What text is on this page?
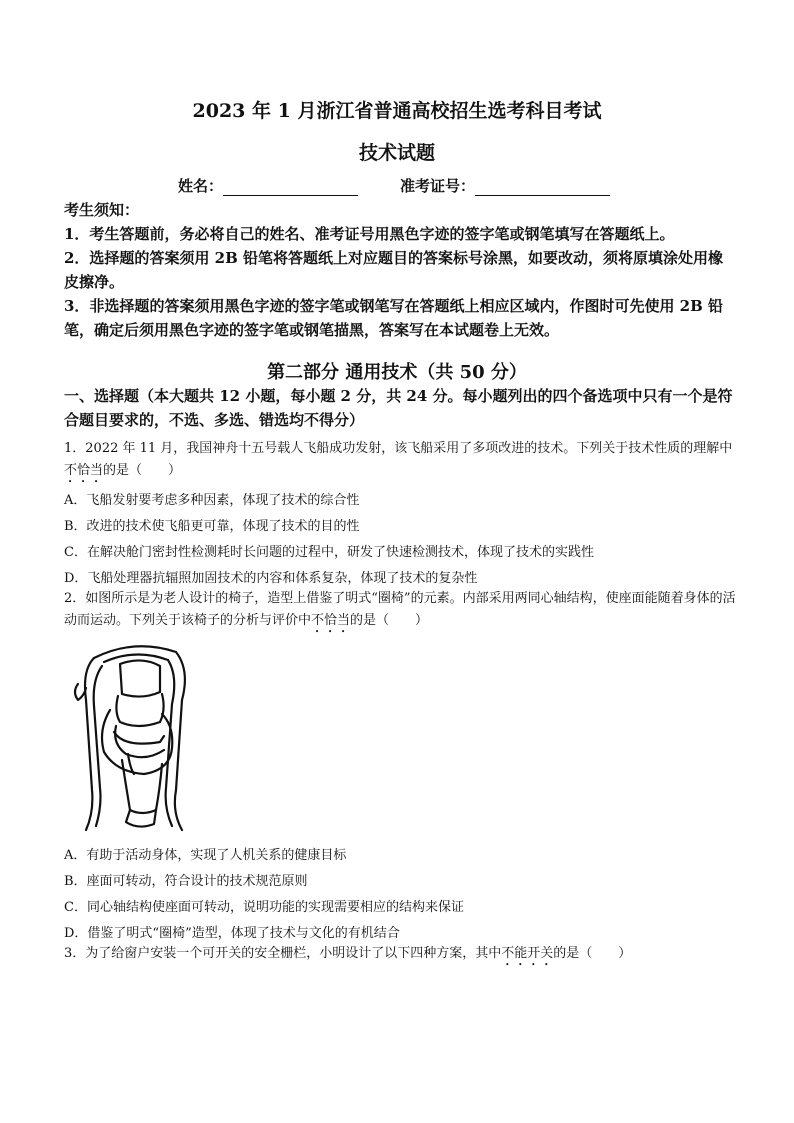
2023 年 1 月浙江省普通高校招生选考科目考试
技术试题
姓名：	准考证号：

考生须知：

1．考生答题前，务必将自己的姓名、准考证号用黑色字迹的签字笔或钢笔填写在答题纸上。

2．选择题的答案须用 2B 铅笔将答题纸上对应题目的答案标号涂黑，如要改动，须将原填涂处用橡皮擦净。

3．非选择题的答案须用黑色字迹的签字笔或钢笔写在答题纸上相应区域内，作图时可先使用 2B 铅笔，确定后须用黑色字迹的签字笔或钢笔描黑，答案写在本试题卷上无效。

第二部分 通用技术（共 50 分）
一、选择题（本大题共 12 小题，每小题 2 分，共 24 分。每小题列出的四个备选项中只有一个是符合题目要求的，不选、多选、错选均不得分）
1．2022 年 11 月，我国神舟十五号载人飞船成功发射，该飞船采用了多项改进的技术。下列关于技术性质的理解中不恰当的是（　　）
A．飞船发射要考虑多种因素，体现了技术的综合性
B．改进的技术使飞船更可靠，体现了技术的目的性
C．在解决舱门密封性检测耗时长问题的过程中，研发了快速检测技术，体现了技术的实践性
D．飞船处理器抗辐照加固技术的内容和体系复杂，体现了技术的复杂性
2．如图所示是为老人设计的椅子，造型上借鉴了明式“圈椅”的元素。内部采用两同心轴结构，使座面能随着身体的活动而运动。下列关于该椅子的分析与评价中不恰当的是（　　）
A．有助于活动身体，实现了人机关系的健康目标
B．座面可转动，符合设计的技术规范原则
C．同心轴结构使座面可转动，说明功能的实现需要相应的结构来保证
D．借鉴了明式“圈椅”造型，体现了技术与文化的有机结合
3．为了给窗户安装一个可开关的安全栅栏，小明设计了以下四种方案，其中不能开关的是（　　）
